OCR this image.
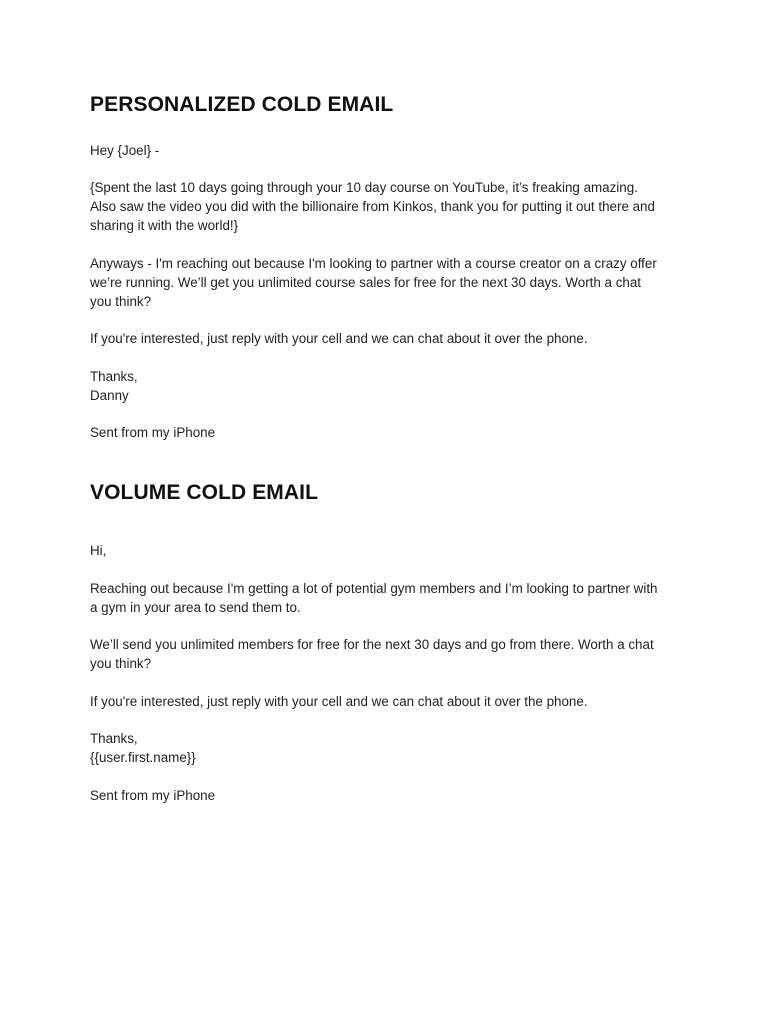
PERSONALIZED COLD EMAIL

Hey {Joel} -

{Spent the last 10 days going through your 10 day course on YouTube, it’s freaking amazing.
Also saw the video you did with the billionaire from Kinkos, thank you for putting it out there and
sharing it with the world!}

Anyways - I'm reaching out because I'm looking to partner with a course creator on a crazy offer
we’re running. We’ll get you unlimited course sales for free for the next 30 days. Worth a chat
you think?

If you're interested, just reply with your cell and we can chat about it over the phone.

Thanks,
Danny

Sent from my iPhone

VOLUME COLD EMAIL

Hi,

Reaching out because I'm getting a lot of potential gym members and I’m looking to partner with
a gym in your area to send them to.

We’ll send you unlimited members for free for the next 30 days and go from there. Worth a chat
you think?

If you're interested, just reply with your cell and we can chat about it over the phone.

Thanks,
{{user.first.name}}

Sent from my iPhone
